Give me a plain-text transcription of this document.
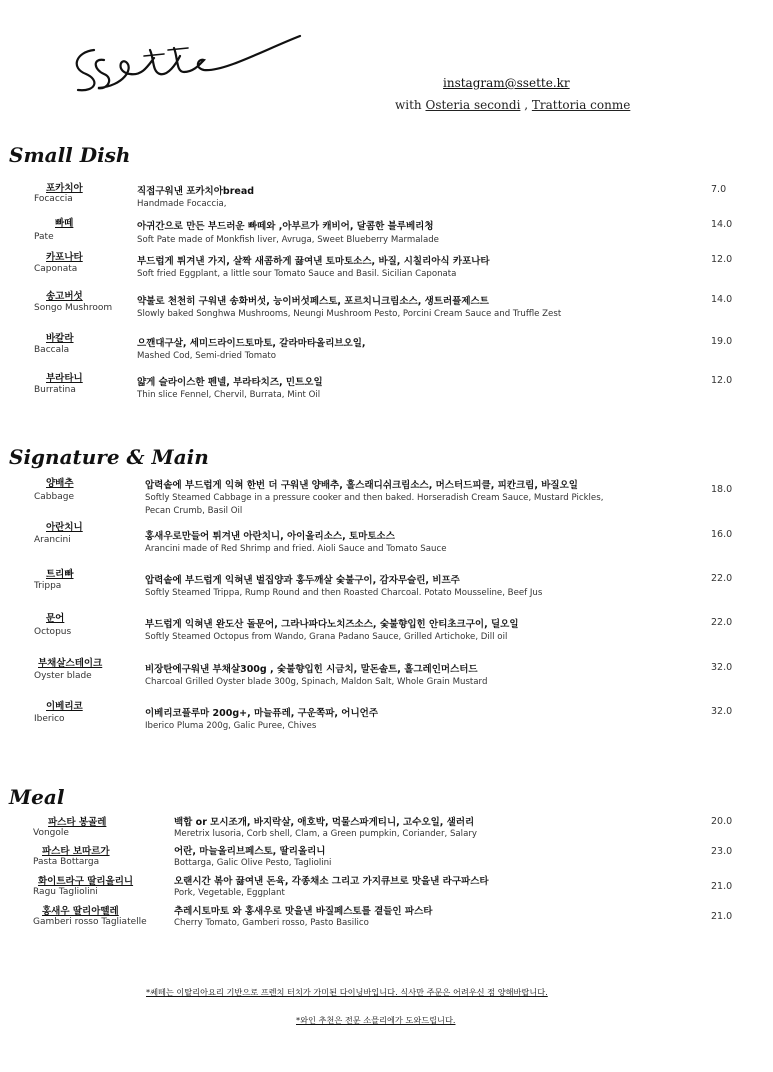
instagram@ssette.kr
with Osteria secondi , Trattoria conme
Small Dish
포카치아
Focaccia
직접구워낸 포카치아bread
Handmade Focaccia,
7.0
빠떼
Pate
아귀간으로 만든 부드러운 빠떼와 ,아부르가 캐비어, 달콤한 블루베리청
Soft Pate made of Monkfish liver, Avruga, Sweet Blueberry Marmalade
14.0
카포나타
Caponata
부드럽게 튀겨낸 가지, 살짝 새콤하게 끓여낸 토마토소스, 바질, 시칠리아식 카포나타
Soft fried Eggplant, a little sour Tomato Sauce and Basil. Sicilian Caponata
12.0
송고버섯
Songo Mushroom
약불로 천천히 구워낸 송화버섯, 능이버섯페스토, 포르치니크림소스, 생트러플제스트
Slowly baked Songhwa Mushrooms, Neungi Mushroom Pesto, Porcini Cream Sauce and Truffle Zest
14.0
바칼라
Baccala
으깬대구살, 세미드라이드토마토, 갈라마타올리브오일,
Mashed Cod, Semi-dried Tomato
19.0
부라타니
Burratina
얇게 슬라이스한 펜넬, 부라타치즈, 민트오일
Thin slice Fennel, Chervil, Burrata, Mint Oil
12.0
Signature & Main
양배추
Cabbage
압력솥에 부드럽게 익혀 한번 더 구워낸 양배추, 홀스래디쉬크림소스, 머스터드피클, 피칸크림, 바질오일
Softly Steamed Cabbage in a pressure cooker and then baked. Horseradish Cream Sauce, Mustard Pickles,
Pecan Crumb, Basil Oil
18.0
아란치니
Arancini	홍새우로만들어 튀겨낸 아란치니, 아이올리소스, 토마토소스
Arancini made of Red Shrimp and fried. Aioli Sauce and Tomato Sauce
16.0
트리빠
Trippa	압력솥에 부드럽게 익혀낸 벌집양과 홍두깨살 숯불구이, 감자무슬린, 비프주
Softly Steamed Trippa, Rump Round and then Roasted Charcoal. Potato Mousseline, Beef Jus
22.0
문어
Octopus
부드럽게 익혀낸 완도산 돌문어, 그라나파다노치즈소스, 숯불향입힌 안티초크구이, 딜오일
Softly Steamed Octopus from Wando, Grana Padano Sauce, Grilled Artichoke, Dill oil
22.0
부채살스테이크
Oyster blade
비장탄에구워낸 부채살300g , 숯불향입힌 시금치, 말돈솔트, 홀그레인머스터드
Charcoal Grilled Oyster blade 300g, Spinach, Maldon Salt, Whole Grain Mustard
32.0
이베리코
Iberico	이베리코플루마 200g+, 마늘퓨레, 구운쪽파, 어니언주
Iberico Pluma 200g, Galic Puree, Chives
32.0
Meal
파스타 봉골레
Vongole
백합 or 모시조개, 바지락살, 애호박, 먹물스파게티니, 고수오일, 샐러리
Meretrix lusoria, Corb shell, Clam, a Green pumpkin, Coriander, Salary
20.0
파스타 보따르가
Pasta Bottarga
어란, 마늘올리브페스토, 딸리올리니
Bottarga, Galic Olive Pesto, Tagliolini
23.0
화이트라구 딸리올리니
Ragu Tagliolini
오랜시간 볶아 끓여낸 돈육, 각종채소 그리고 가지큐브로 맛을낸 라구파스타
Pork, Vegetable, Eggplant
21.0
홍새우 딸리아뗄레
Gamberi rosso Tagliatelle
추레시토마토 와 홍새우로 맛을낸 바질페스토를 곁들인 파스타
Cherry Tomato, Gamberi rosso, Pasto Basilico
21.0
*쎄떼는 이탈리아요리 기반으로 프렌치 터치가 가미된 다이닝바입니다. 식사만 주문은 어려우신 점 양해바랍니다.
*와인 추천은 전문 소믈리에가 도와드립니다.
